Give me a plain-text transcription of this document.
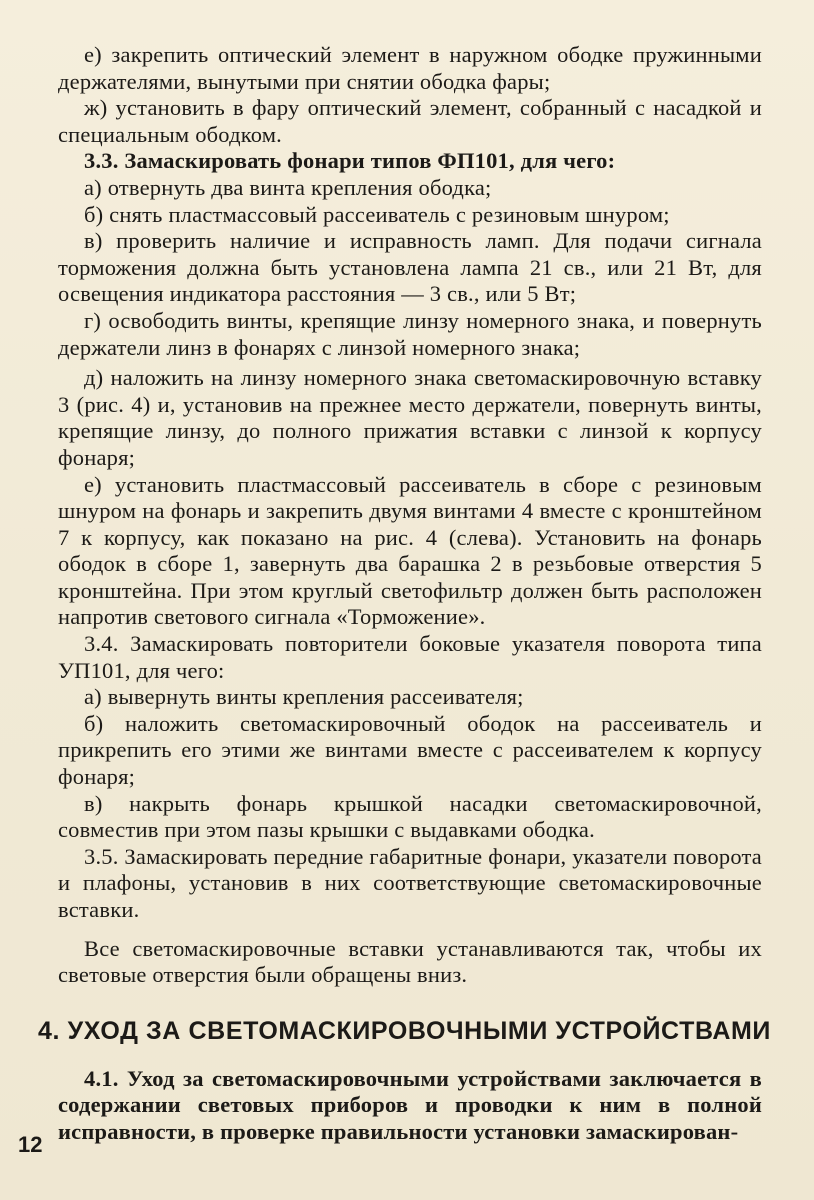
е) закрепить оптический элемент в наружном ободке пружинными держателями, вынутыми при снятии ободка фары;

ж) установить в фару оптический элемент, собранный с насадкой и специальным ободком.

3.3. Замаскировать фонари типов ФП101, для чего:

а) отвернуть два винта крепления ободка;

б) снять пластмассовый рассеиватель с резиновым шнуром;

в) проверить наличие и исправность ламп. Для подачи сигнала торможения должна быть установлена лампа 21 св., или 21 Вт, для освещения индикатора расстояния — 3 св., или 5 Вт;

г) освободить винты, крепящие линзу номерного знака, и повернуть держатели линз в фонарях с линзой номерного знака;

д) наложить на линзу номерного знака светомаскировочную вставку 3 (рис. 4) и, установив на прежнее место держатели, повернуть винты, крепящие линзу, до полного прижатия вставки с линзой к корпусу фонаря;

е) установить пластмассовый рассеиватель в сборе с резиновым шнуром на фонарь и закрепить двумя винтами 4 вместе с кронштейном 7 к корпусу, как показано на рис. 4 (слева). Установить на фонарь ободок в сборе 1, завернуть два барашка 2 в резьбовые отверстия 5 кронштейна. При этом круглый светофильтр должен быть расположен напротив светового сигнала «Торможение».

3.4. Замаскировать повторители боковые указателя поворота типа УП101, для чего:

а) вывернуть винты крепления рассеивателя;

б) наложить светомаскировочный ободок на рассеиватель и прикрепить его этими же винтами вместе с рассеивателем к корпусу фонаря;

в) накрыть фонарь крышкой насадки светомаскировочной, совместив при этом пазы крышки с выдавками ободка.

3.5. Замаскировать передние габаритные фонари, указатели поворота и плафоны, установив в них соответствующие светомаскировочные вставки.

Все светомаскировочные вставки устанавливаются так, чтобы их световые отверстия были обращены вниз.

4. УХОД ЗА СВЕТОМАСКИРОВОЧНЫМИ УСТРОЙСТВАМИ

4.1. Уход за светомаскировочными устройствами заключается в содержании световых приборов и проводки к ним в полной исправности, в проверке правильности установки замаскирован-

12
